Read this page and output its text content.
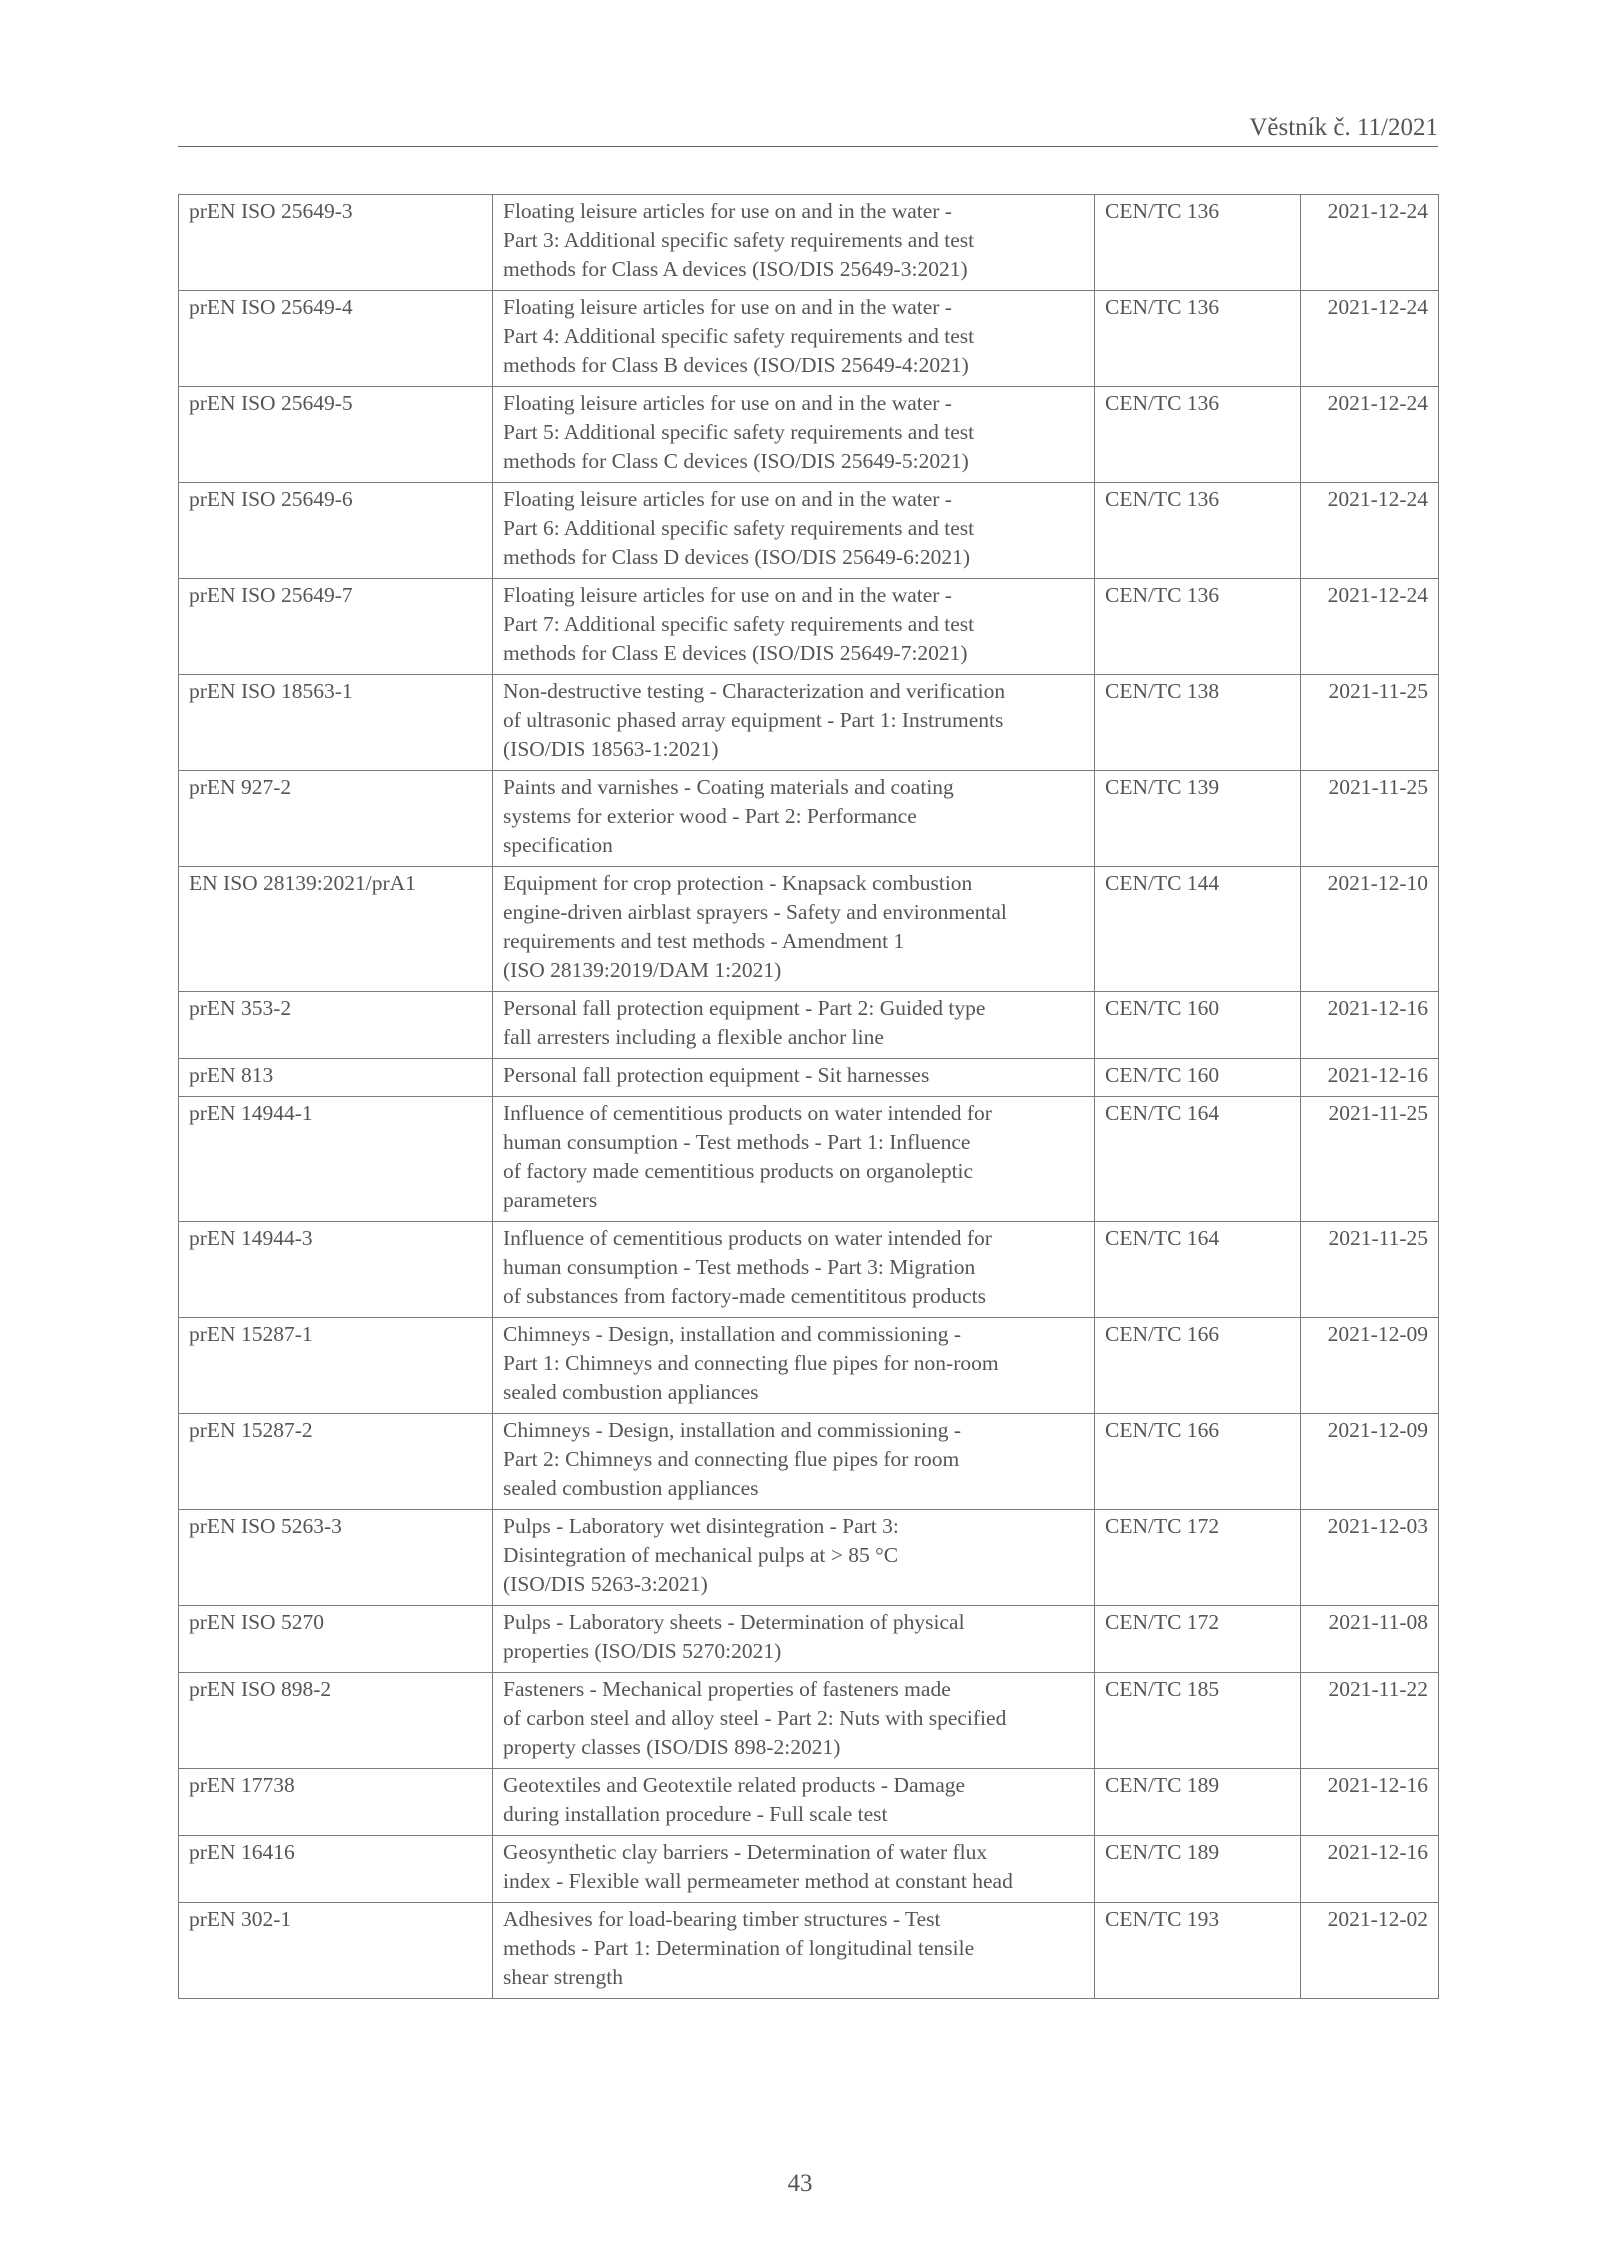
Věstník č. 11/2021
prEN ISO 25649-3	Floating leisure articles for use on and in the water -
Part 3: Additional specific safety requirements and test
methods for Class A devices (ISO/DIS 25649-3:2021)	CEN/TC 136	2021-12-24
prEN ISO 25649-4	Floating leisure articles for use on and in the water -
Part 4: Additional specific safety requirements and test
methods for Class B devices (ISO/DIS 25649-4:2021)	CEN/TC 136	2021-12-24
prEN ISO 25649-5	Floating leisure articles for use on and in the water -
Part 5: Additional specific safety requirements and test
methods for Class C devices (ISO/DIS 25649-5:2021)	CEN/TC 136	2021-12-24
prEN ISO 25649-6	Floating leisure articles for use on and in the water -
Part 6: Additional specific safety requirements and test
methods for Class D devices (ISO/DIS 25649-6:2021)	CEN/TC 136	2021-12-24
prEN ISO 25649-7	Floating leisure articles for use on and in the water -
Part 7: Additional specific safety requirements and test
methods for Class E devices (ISO/DIS 25649-7:2021)	CEN/TC 136	2021-12-24
prEN ISO 18563-1	Non-destructive testing - Characterization and verification
of ultrasonic phased array equipment - Part 1: Instruments
(ISO/DIS 18563-1:2021)	CEN/TC 138	2021-11-25
prEN 927-2	Paints and varnishes - Coating materials and coating
systems for exterior wood - Part 2: Performance
specification	CEN/TC 139	2021-11-25
EN ISO 28139:2021/prA1	Equipment for crop protection - Knapsack combustion
engine-driven airblast sprayers - Safety and environmental
requirements and test methods - Amendment 1
(ISO 28139:2019/DAM 1:2021)	CEN/TC 144	2021-12-10
prEN 353-2	Personal fall protection equipment - Part 2: Guided type
fall arresters including a flexible anchor line	CEN/TC 160	2021-12-16
prEN 813	Personal fall protection equipment - Sit harnesses	CEN/TC 160	2021-12-16
prEN 14944-1	Influence of cementitious products on water intended for
human consumption - Test methods - Part 1: Influence
of factory made cementitious products on organoleptic
parameters	CEN/TC 164	2021-11-25
prEN 14944-3	Influence of cementitious products on water intended for
human consumption - Test methods - Part 3: Migration
of substances from factory-made cementititous products	CEN/TC 164	2021-11-25
prEN 15287-1	Chimneys - Design, installation and commissioning -
Part 1: Chimneys and connecting flue pipes for non-room
sealed combustion appliances	CEN/TC 166	2021-12-09
prEN 15287-2	Chimneys - Design, installation and commissioning -
Part 2: Chimneys and connecting flue pipes for room
sealed combustion appliances	CEN/TC 166	2021-12-09
prEN ISO 5263-3	Pulps - Laboratory wet disintegration - Part 3:
Disintegration of mechanical pulps at > 85 °C
(ISO/DIS 5263-3:2021)	CEN/TC 172	2021-12-03
prEN ISO 5270	Pulps - Laboratory sheets - Determination of physical
properties (ISO/DIS 5270:2021)	CEN/TC 172	2021-11-08
prEN ISO 898-2	Fasteners - Mechanical properties of fasteners made
of carbon steel and alloy steel - Part 2: Nuts with specified
property classes (ISO/DIS 898-2:2021)	CEN/TC 185	2021-11-22
prEN 17738	Geotextiles and Geotextile related products - Damage
during installation procedure - Full scale test	CEN/TC 189	2021-12-16
prEN 16416	Geosynthetic clay barriers - Determination of water flux
index - Flexible wall permeameter method at constant head	CEN/TC 189	2021-12-16
prEN 302-1	Adhesives for load-bearing timber structures - Test
methods - Part 1: Determination of longitudinal tensile
shear strength	CEN/TC 193	2021-12-02
43
